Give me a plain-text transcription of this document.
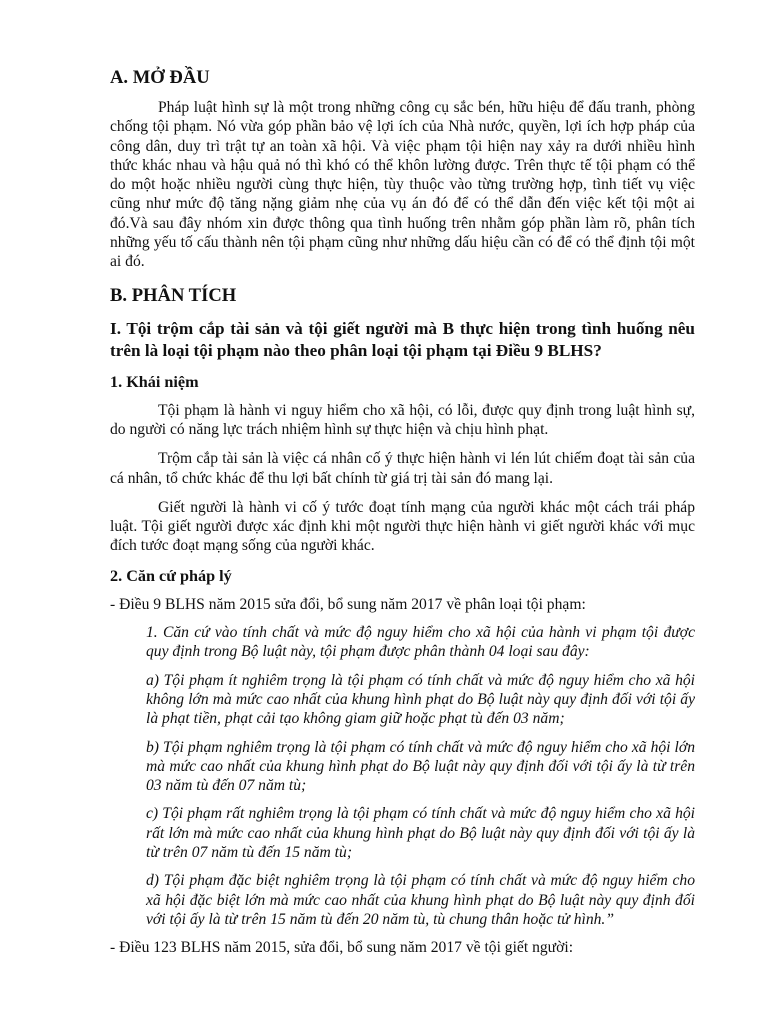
A. MỞ ĐẦU

Pháp luật hình sự là một trong những công cụ sắc bén, hữu hiệu để đấu tranh, phòng chống tội phạm. Nó vừa góp phần bảo vệ lợi ích của Nhà nước, quyền, lợi ích hợp pháp của công dân, duy trì trật tự an toàn xã hội. Và việc phạm tội hiện nay xảy ra dưới nhiều hình thức khác nhau và hậu quả nó thì khó có thể khôn lường được. Trên thực tế tội phạm có thể do một hoặc nhiều người cùng thực hiện, tùy thuộc vào từng trường hợp, tình tiết vụ việc cũng như mức độ tăng nặng giảm nhẹ của vụ án đó để có thể dẫn đến việc kết tội một ai đó.Và sau đây nhóm xin được thông qua tình huống trên nhằm góp phần làm rõ, phân tích những yếu tố cấu thành nên tội phạm cũng như những dấu hiệu cần có để có thể định tội một ai đó.

B. PHÂN TÍCH
I. Tội trộm cắp tài sản và tội giết người mà B thực hiện trong tình huống nêu trên là loại tội phạm nào theo phân loại tội phạm tại Điều 9 BLHS?
1. Khái niệm

Tội phạm là hành vi nguy hiểm cho xã hội, có lỗi, được quy định trong luật hình sự, do người có năng lực trách nhiệm hình sự thực hiện và chịu hình phạt.

Trộm cắp tài sản là việc cá nhân cố ý thực hiện hành vi lén lút chiếm đoạt tài sản của cá nhân, tổ chức khác để thu lợi bất chính từ giá trị tài sản đó mang lại.

Giết người là hành vi cố ý tước đoạt tính mạng của người khác một cách trái pháp luật. Tội giết người được xác định khi một người thực hiện hành vi giết người khác với mục đích tước đoạt mạng sống của người khác.

2. Căn cứ pháp lý

- Điều 9 BLHS năm 2015 sửa đổi, bổ sung năm 2017 về phân loại tội phạm:

1. Căn cứ vào tính chất và mức độ nguy hiểm cho xã hội của hành vi phạm tội được quy định trong Bộ luật này, tội phạm được phân thành 04 loại sau đây:

a) Tội phạm ít nghiêm trọng là tội phạm có tính chất và mức độ nguy hiểm cho xã hội không lớn mà mức cao nhất của khung hình phạt do Bộ luật này quy định đối với tội ấy là phạt tiền, phạt cải tạo không giam giữ hoặc phạt tù đến 03 năm;

b) Tội phạm nghiêm trọng là tội phạm có tính chất và mức độ nguy hiểm cho xã hội lớn mà mức cao nhất của khung hình phạt do Bộ luật này quy định đối với tội ấy là từ trên 03 năm tù đến 07 năm tù;

c) Tội phạm rất nghiêm trọng là tội phạm có tính chất và mức độ nguy hiểm cho xã hội rất lớn mà mức cao nhất của khung hình phạt do Bộ luật này quy định đối với tội ấy là từ trên 07 năm tù đến 15 năm tù;

d) Tội phạm đặc biệt nghiêm trọng là tội phạm có tính chất và mức độ nguy hiểm cho xã hội đặc biệt lớn mà mức cao nhất của khung hình phạt do Bộ luật này quy định đối với tội ấy là từ trên 15 năm tù đến 20 năm tù, tù chung thân hoặc tử hình.”

- Điều 123 BLHS năm 2015, sửa đổi, bổ sung năm 2017 về tội giết người:
